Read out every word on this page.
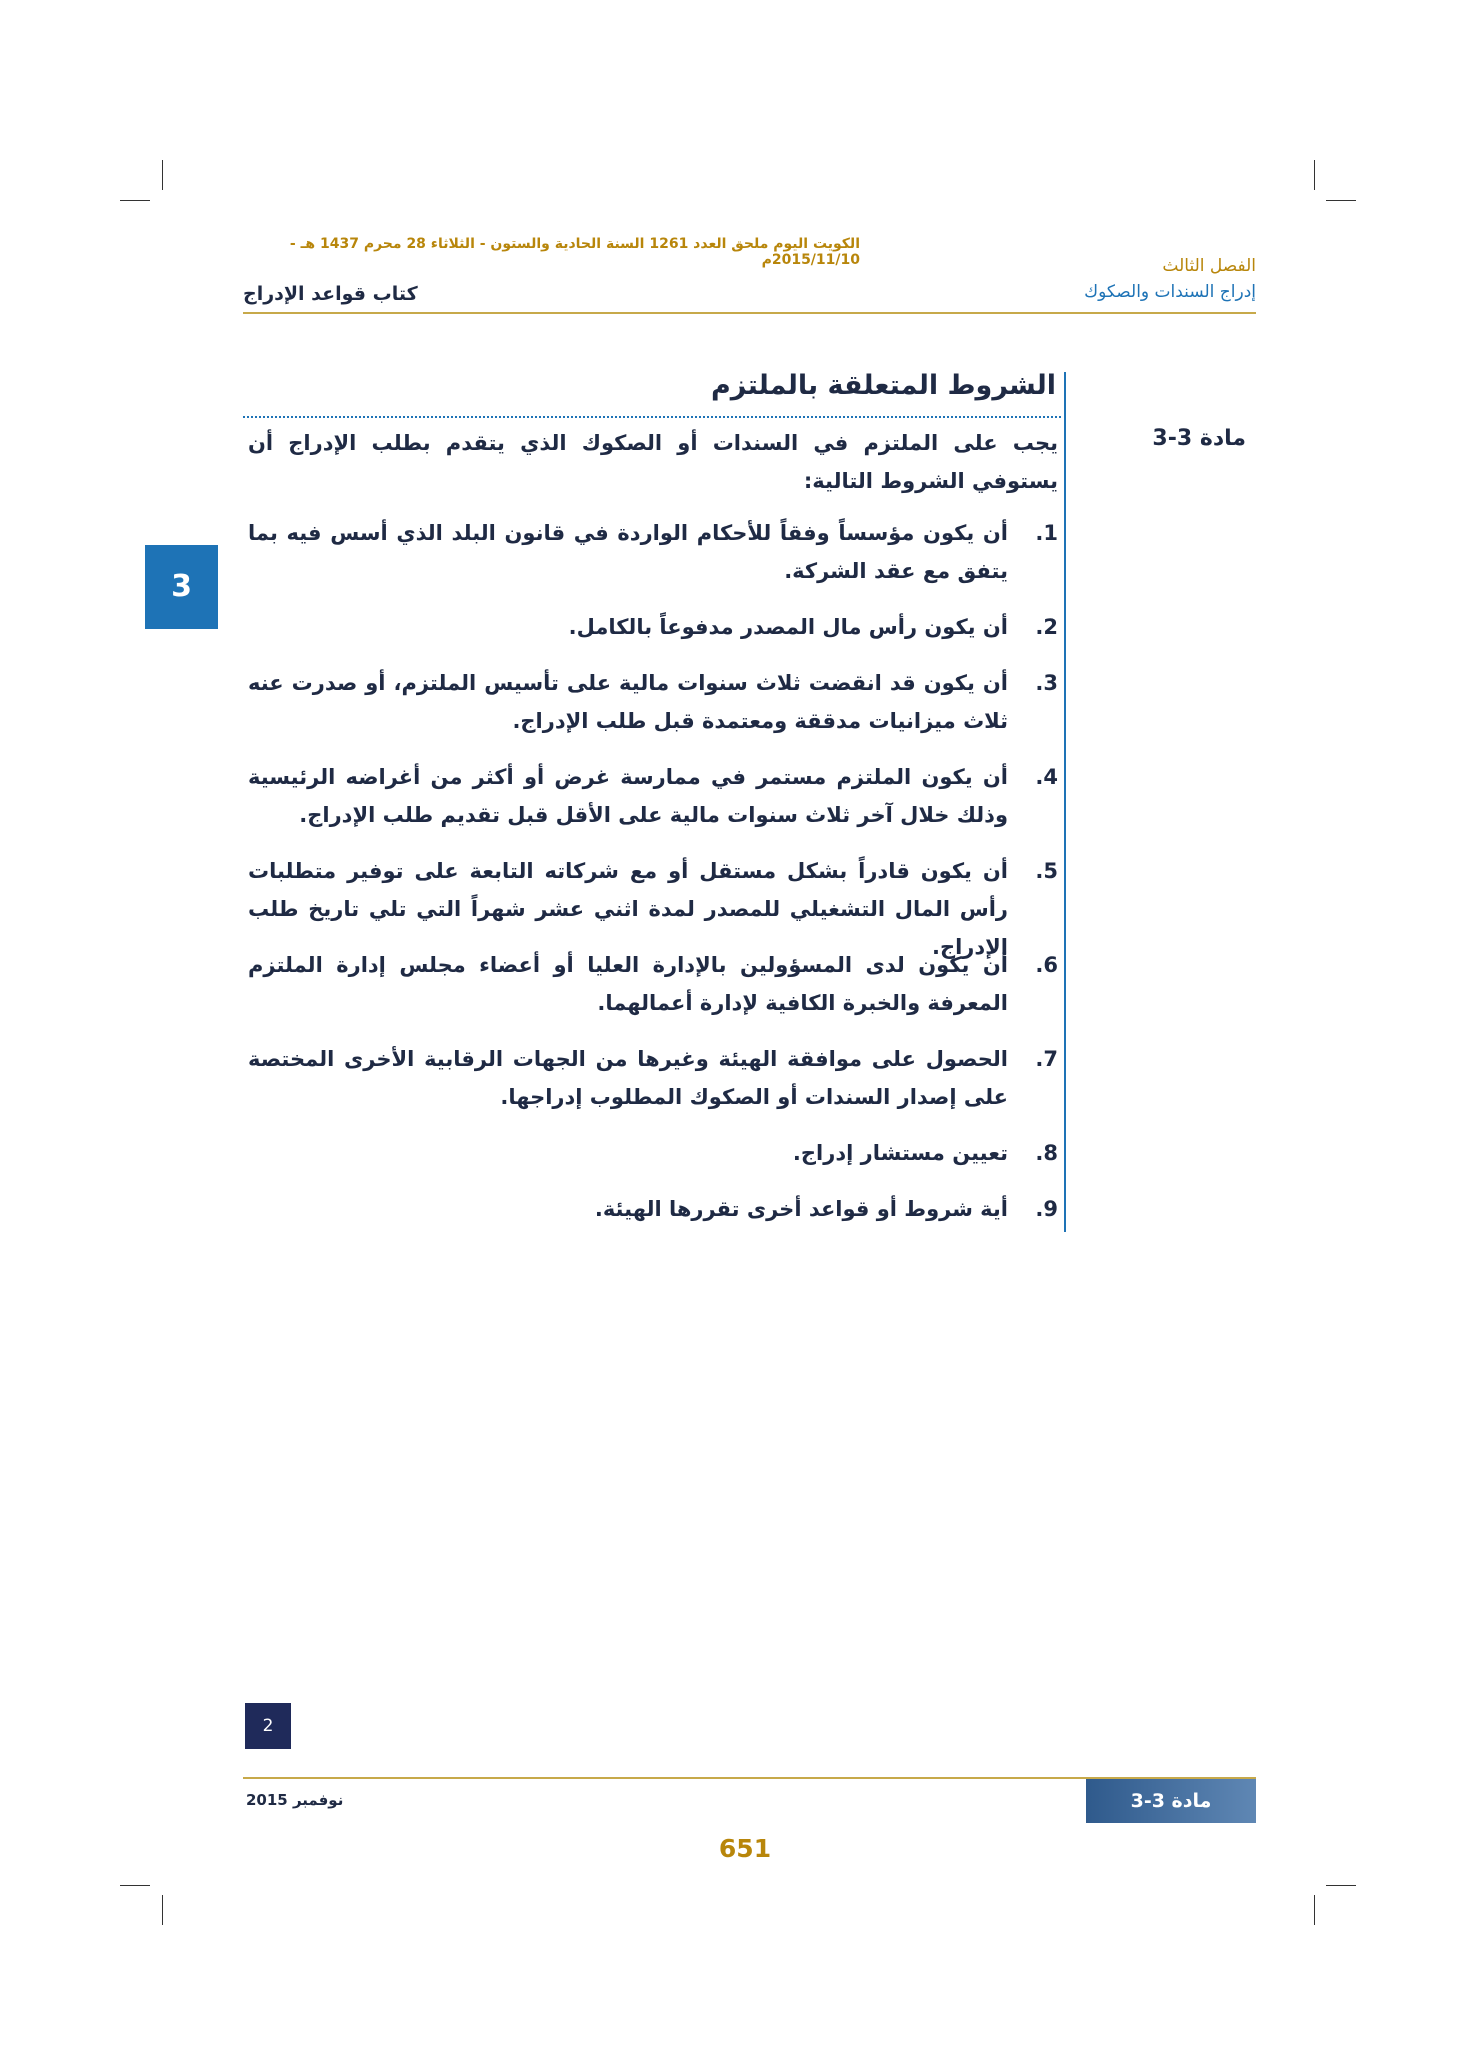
الكويت اليوم ملحق العدد 1261 السنة الحادية والستون - الثلاثاء 28 محرم 1437 هـ - 2015/11/10م	الفصل الثالث
إدراج السندات والصكوك
كتاب قواعد الإدراج
3
الشروط المتعلقة بالملتزم
مادة 3-3
يجب على الملتزم في السندات أو الصكوك الذي يتقدم بطلب الإدراج أن يستوفي الشروط التالية:
1.
أن يكون مؤسساً وفقاً للأحكام الواردة في قانون البلد الذي أسس فيه بما يتفق مع عقد الشركة.
2.
أن يكون رأس مال المصدر مدفوعاً بالكامل.
3.
أن يكون قد انقضت ثلاث سنوات مالية على تأسيس الملتزم، أو صدرت عنه ثلاث ميزانيات مدققة ومعتمدة قبل طلب الإدراج.
4.
أن يكون الملتزم مستمر في ممارسة غرض أو أكثر من أغراضه الرئيسية وذلك خلال آخر ثلاث سنوات مالية على الأقل قبل تقديم طلب الإدراج.
5.
أن يكون قادراً بشكل مستقل أو مع شركاته التابعة على توفير متطلبات رأس المال التشغيلي للمصدر لمدة اثني عشر شهراً التي تلي تاريخ طلب الإدراج.
6.
أن يكون لدى المسؤولين بالإدارة العليا أو أعضاء مجلس إدارة الملتزم المعرفة والخبرة الكافية لإدارة أعمالهما.
7.
الحصول على موافقة الهيئة وغيرها من الجهات الرقابية الأخرى المختصة على إصدار السندات أو الصكوك المطلوب إدراجها.
8.
تعيين مستشار إدراج.
9.
أية شروط أو قواعد أخرى تقررها الهيئة.
2
نوفمبر 2015	مادة 3-3
651
